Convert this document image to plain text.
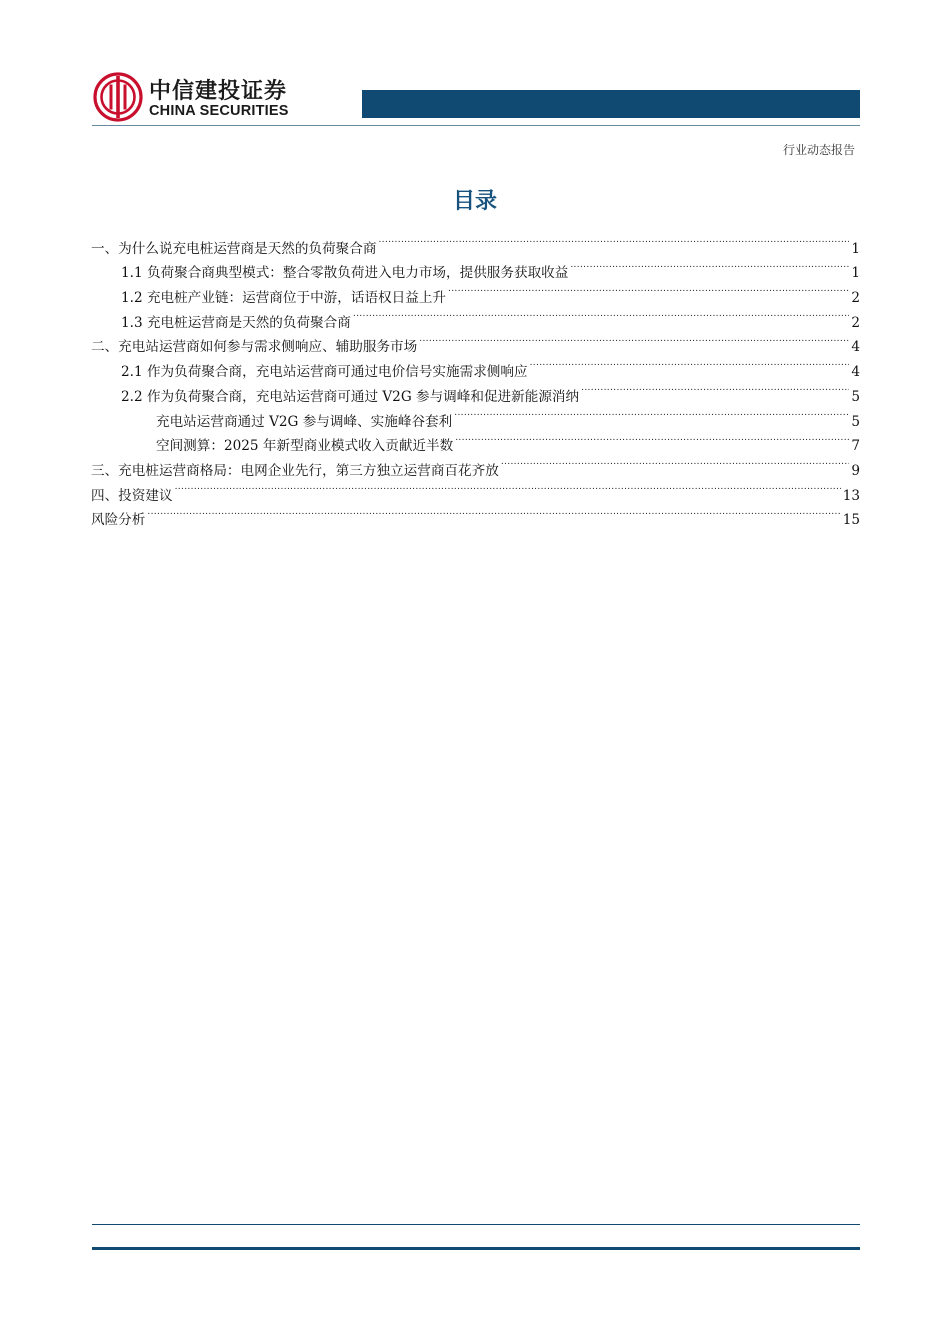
中信建投证券
CHINA SECURITIES
行业动态报告
目录
一、为什么说充电桩运营商是天然的负荷聚合商 .....	1
1.1 负荷聚合商典型模式：整合零散负荷进入电力市场，提供服务获取收益 .....	1
1.2 充电桩产业链：运营商位于中游，话语权日益上升 .....	2
1.3 充电桩运营商是天然的负荷聚合商 .....	2
二、充电站运营商如何参与需求侧响应、辅助服务市场 .....	4
2.1 作为负荷聚合商，充电站运营商可通过电价信号实施需求侧响应 .....	4
2.2 作为负荷聚合商，充电站运营商可通过 V2G 参与调峰和促进新能源消纳 .....	5
充电站运营商通过 V2G 参与调峰、实施峰谷套利 .....	5
空间测算：2025 年新型商业模式收入贡献近半数 .....	7
三、充电桩运营商格局：电网企业先行，第三方独立运营商百花齐放 .....	9
四、投资建议 .....	13
风险分析 .....	15
